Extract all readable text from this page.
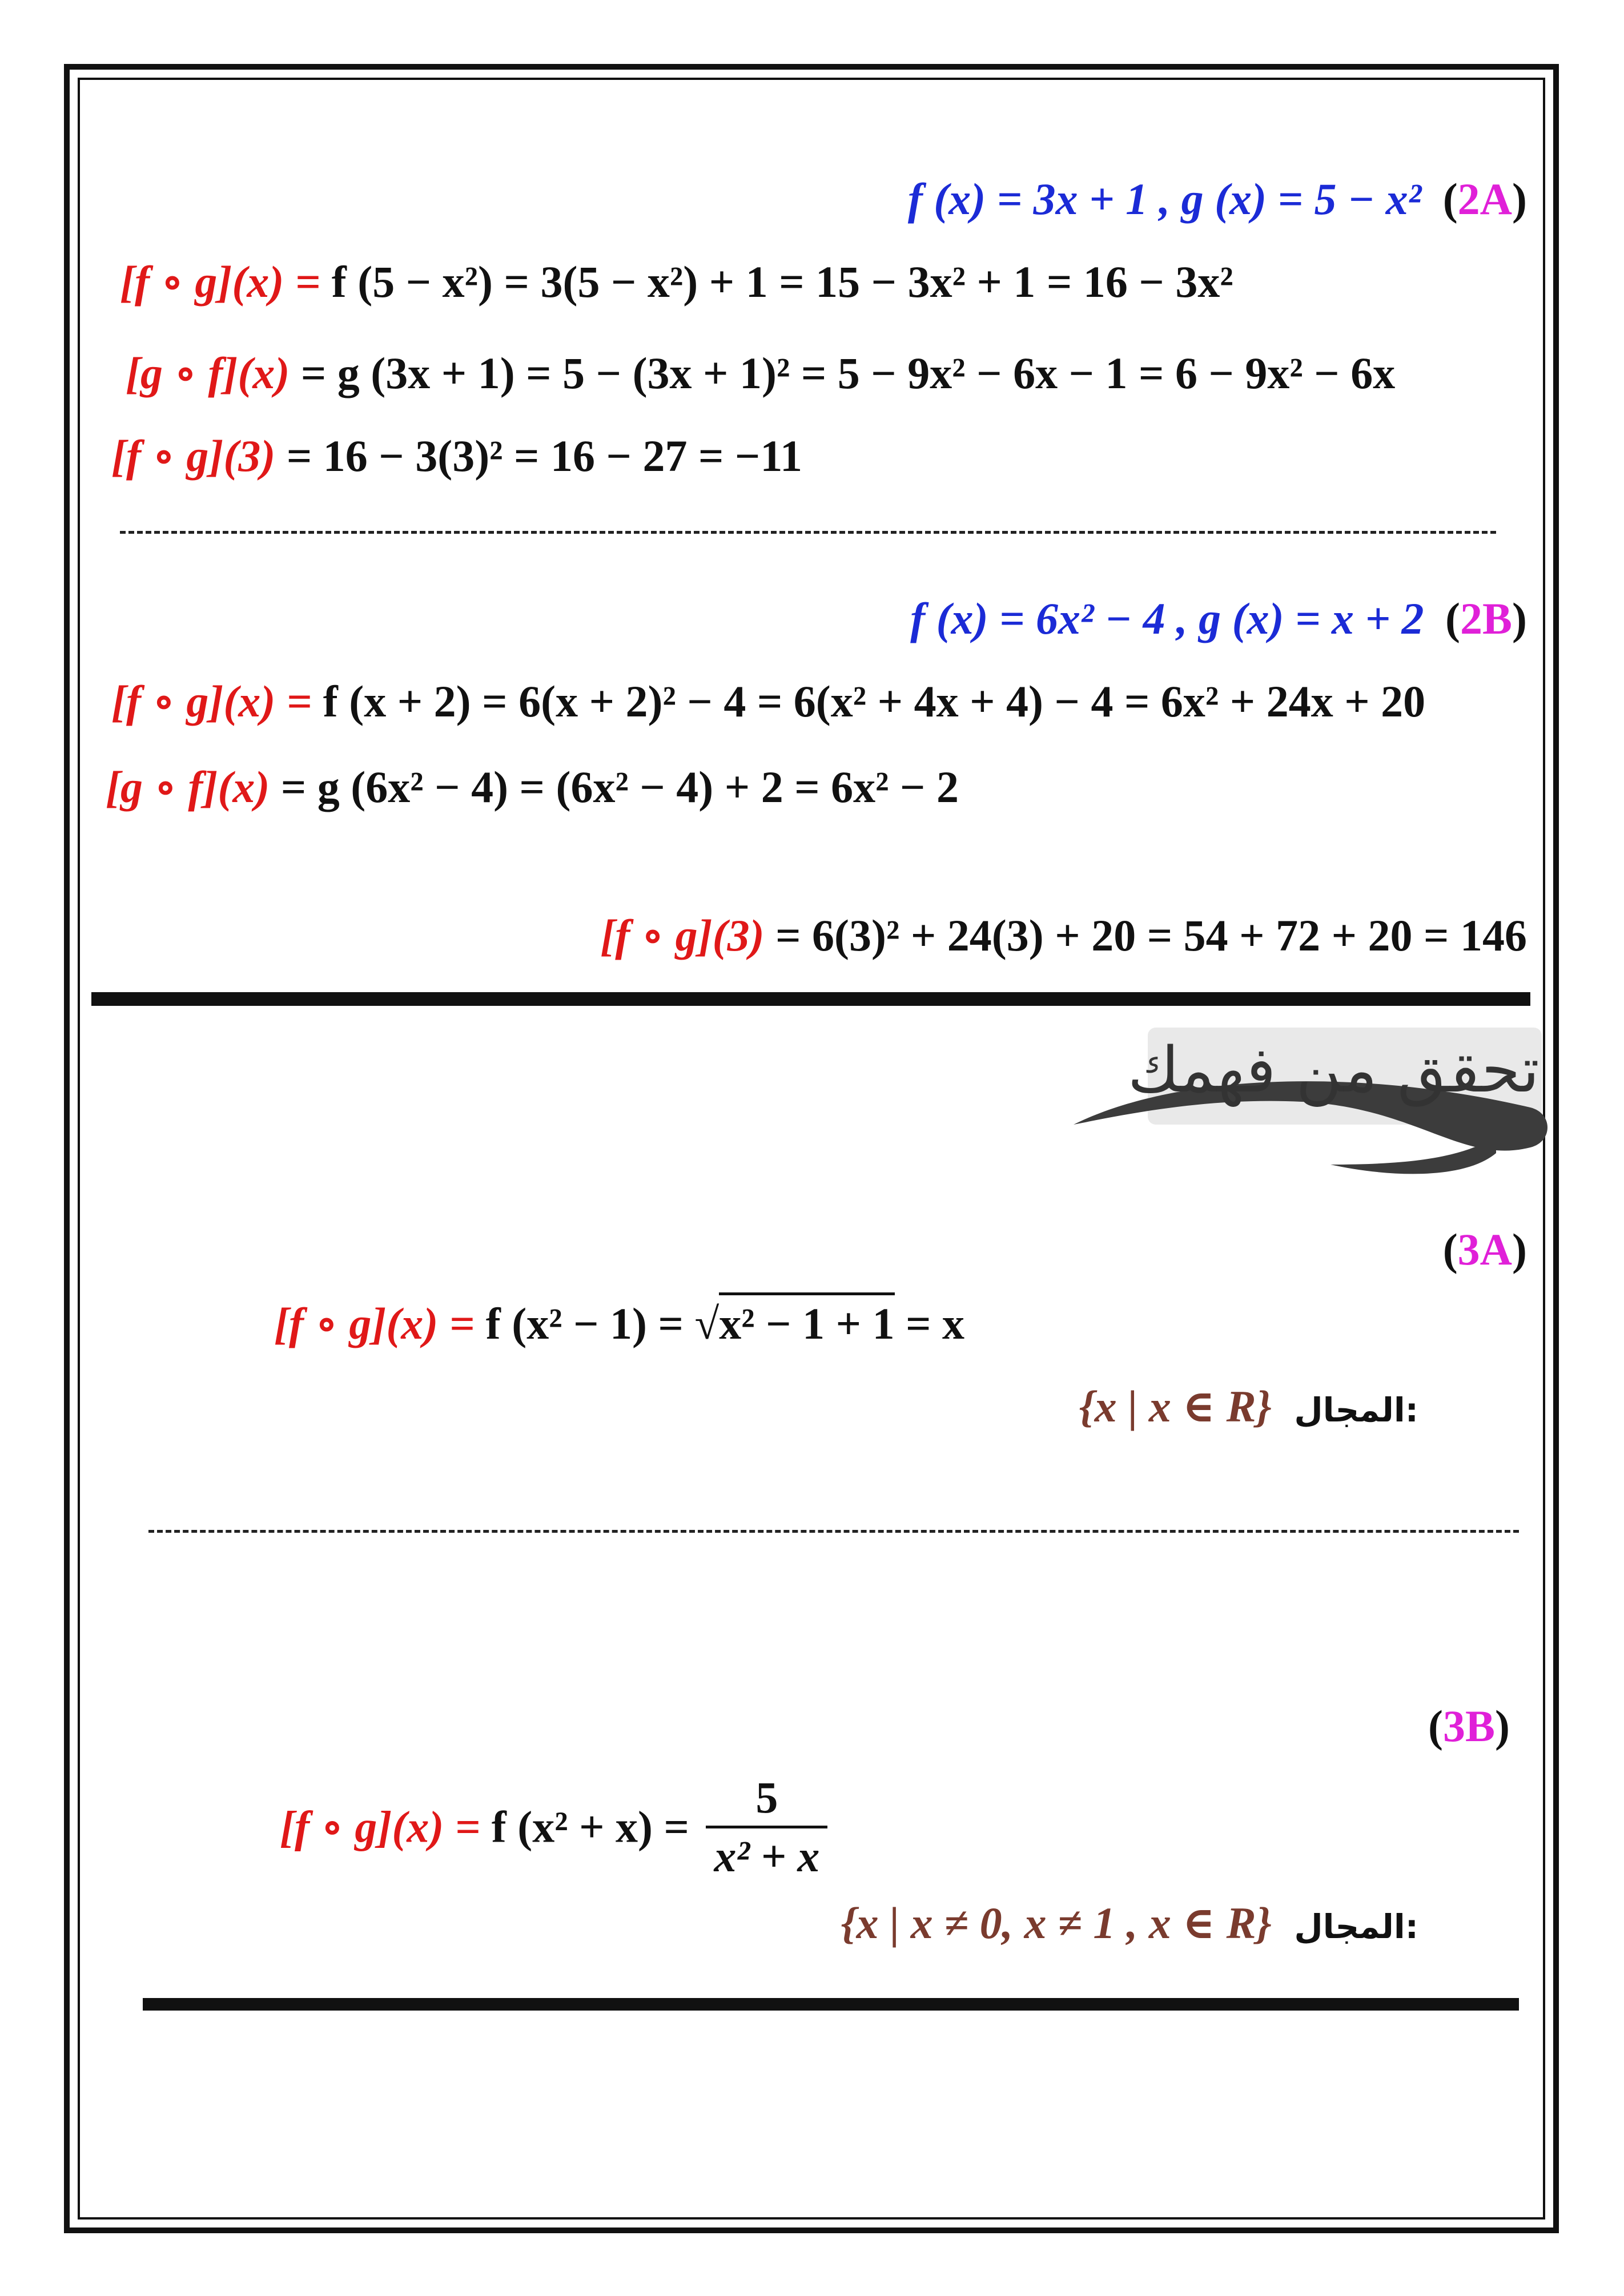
f (x) = 3x + 1 , g (x) = 5 − x² (2A)
[f ∘ g](x) = f (5 − x²) = 3(5 − x²) + 1 = 15 − 3x² + 1 = 16 − 3x²
[g ∘ f](x) = g (3x + 1) = 5 − (3x + 1)² = 5 − 9x² − 6x − 1 = 6 − 9x² − 6x
[f ∘ g](3) = 16 − 3(3)² = 16 − 27 = −11
f (x) = 6x² − 4 , g (x) = x + 2 (2B)
[f ∘ g](x) = f (x + 2) = 6(x + 2)² − 4 = 6(x² + 4x + 4) − 4 = 6x² + 24x + 20
[g ∘ f](x) = g (6x² − 4) = (6x² − 4) + 2 = 6x² − 2
[f ∘ g](3) = 6(3)² + 24(3) + 20 = 54 + 72 + 20 = 146
تحقق من فهمك
(3A)
[f ∘ g](x) = f (x² − 1) = √x² − 1 + 1 = x
{x | x ∈ R} المجال:
(3B)
[f ∘ g](x) = f $(x^2 + x) = \frac{5}{\text{x² + x}}$
{x | x ≠ 0, x ≠ 1 , x ∈ R} المجال:
